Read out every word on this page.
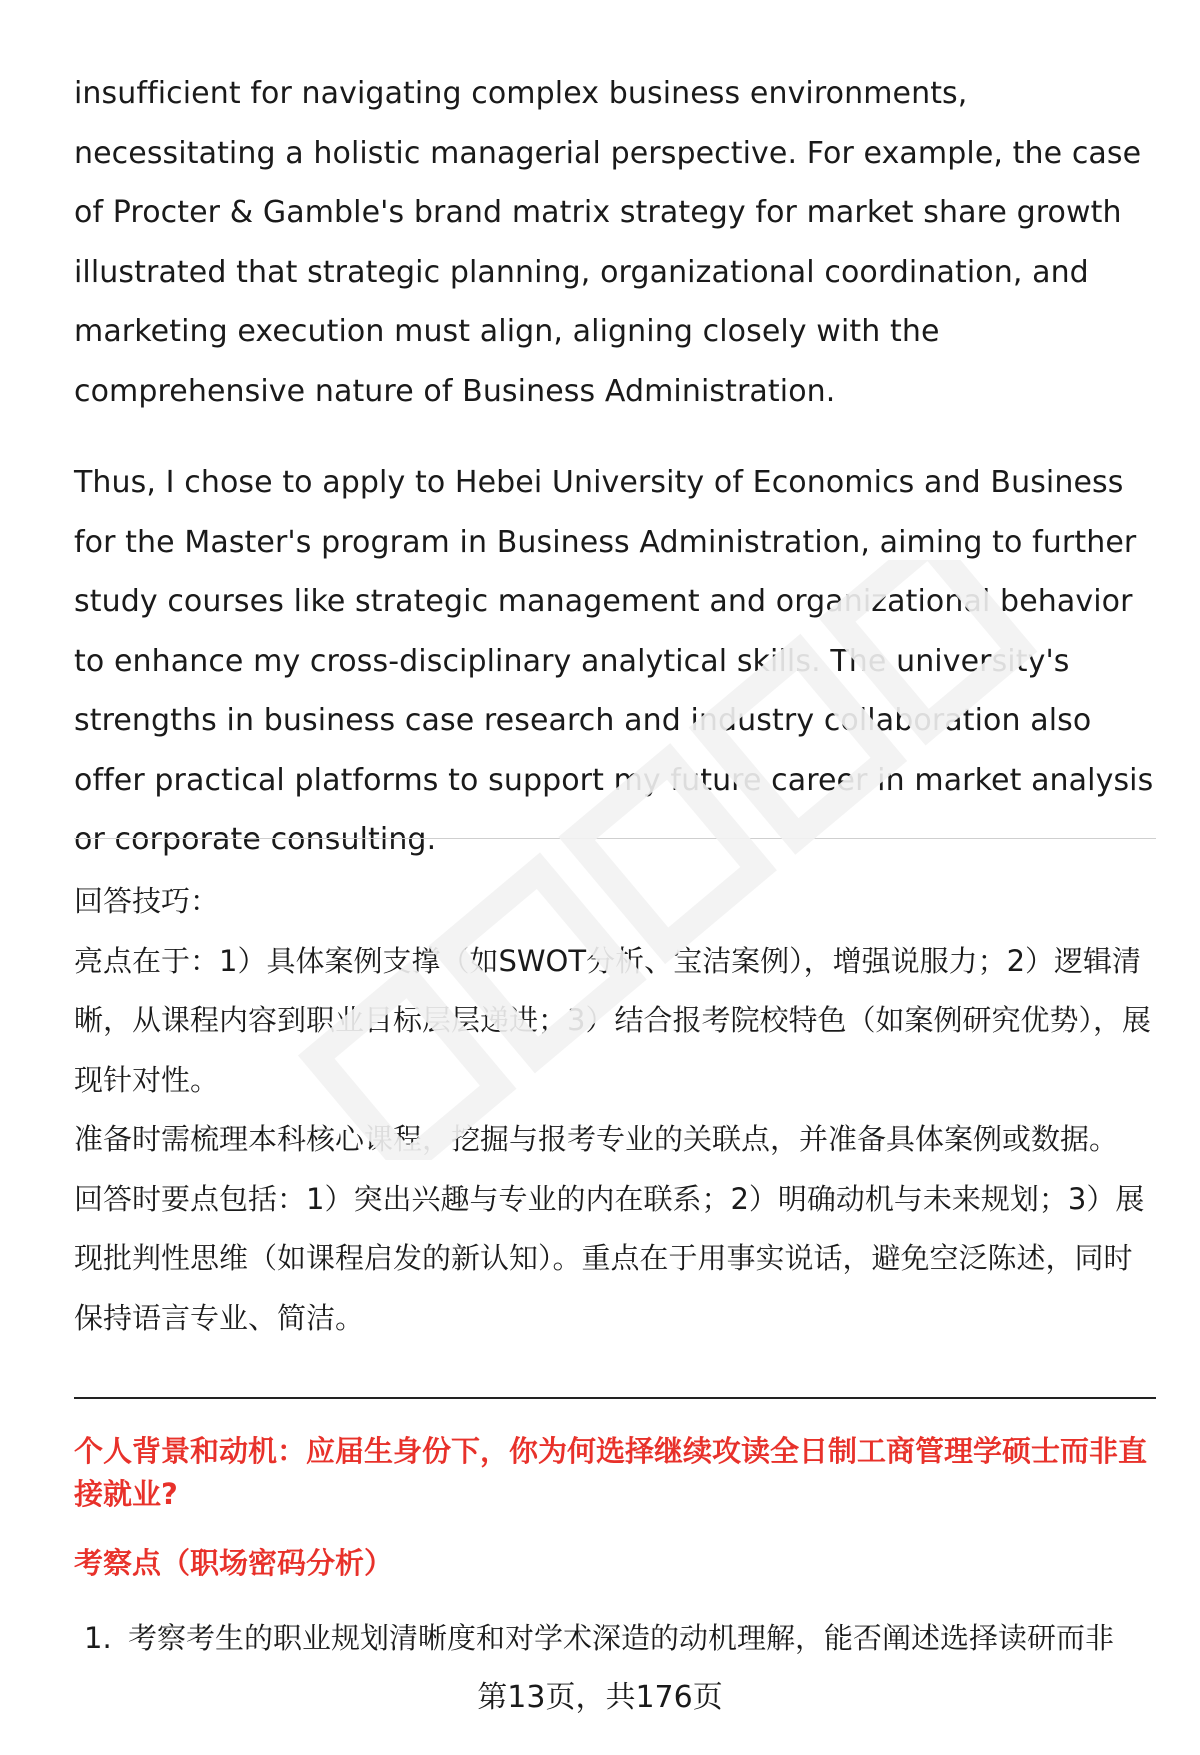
insufficient for navigating complex business environments, necessitating a holistic managerial perspective. For example, the case of Procter & Gamble's brand matrix strategy for market share growth illustrated that strategic planning, organizational coordination, and marketing execution must align, aligning closely with the comprehensive nature of Business Administration.

Thus, I chose to apply to Hebei University of Economics and Business for the Master's program in Business Administration, aiming to further study courses like strategic management and organizational behavior to enhance my cross-disciplinary analytical skills. The university's strengths in business case research and industry collaboration also offer practical platforms to support my future career in market analysis or corporate consulting.

回答技巧：

亮点在于：1）具体案例支撑（如SWOT分析、宝洁案例），增强说服力；2）逻辑清晰，从课程内容到职业目标层层递进；3）结合报考院校特色（如案例研究优势），展现针对性。

准备时需梳理本科核心课程，挖掘与报考专业的关联点，并准备具体案例或数据。

回答时要点包括：1）突出兴趣与专业的内在联系；2）明确动机与未来规划；3）展现批判性思维（如课程启发的新认知）。重点在于用事实说话，避免空泛陈述，同时保持语言专业、简洁。

个人背景和动机：应届生身份下，你为何选择继续攻读全日制工商管理学硕士而非直接就业?

考察点（职场密码分析）

1. 考察考生的职业规划清晰度和对学术深造的动机理解，能否阐述选择读研而非

第13页，共176页
